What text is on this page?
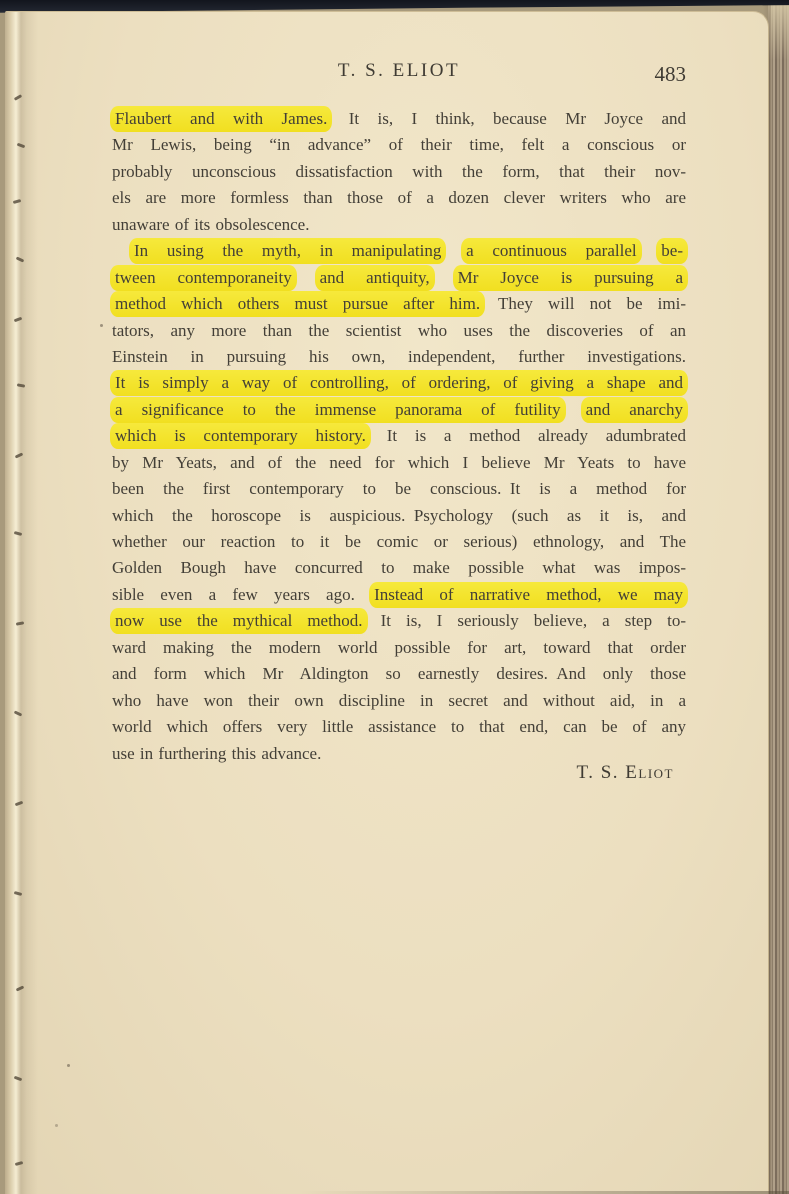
T. S. ELIOT	483
Flaubert and with James. It is, I think, because Mr Joyce and
Mr Lewis, being “in advance” of their time, felt a conscious or
probably unconscious dissatisfaction with the form, that their nov-
els are more formless than those of a dozen clever writers who are
unaware of its obsolescence.
In using the myth, in manipulating a continuous parallel be-
tween contemporaneity and antiquity, Mr Joyce is pursuing a
method which others must pursue after him. They will not be imi-
tators, any more than the scientist who uses the discoveries of an
Einstein in pursuing his own, independent, further investigations.
It is simply a way of controlling, of ordering, of giving a shape and
a significance to the immense panorama of futility and anarchy
which is contemporary history. It is a method already adumbrated
by Mr Yeats, and of the need for which I believe Mr Yeats to have
been the first contemporary to be conscious. It is a method for
which the horoscope is auspicious. Psychology (such as it is, and
whether our reaction to it be comic or serious) ethnology, and The
Golden Bough have concurred to make possible what was impos-
sible even a few years ago. Instead of narrative method, we may
now use the mythical method. It is, I seriously believe, a step to-
ward making the modern world possible for art, toward that order
and form which Mr Aldington so earnestly desires. And only those
who have won their own discipline in secret and without aid, in a
world which offers very little assistance to that end, can be of any
use in furthering this advance.
T. S. Eliot
